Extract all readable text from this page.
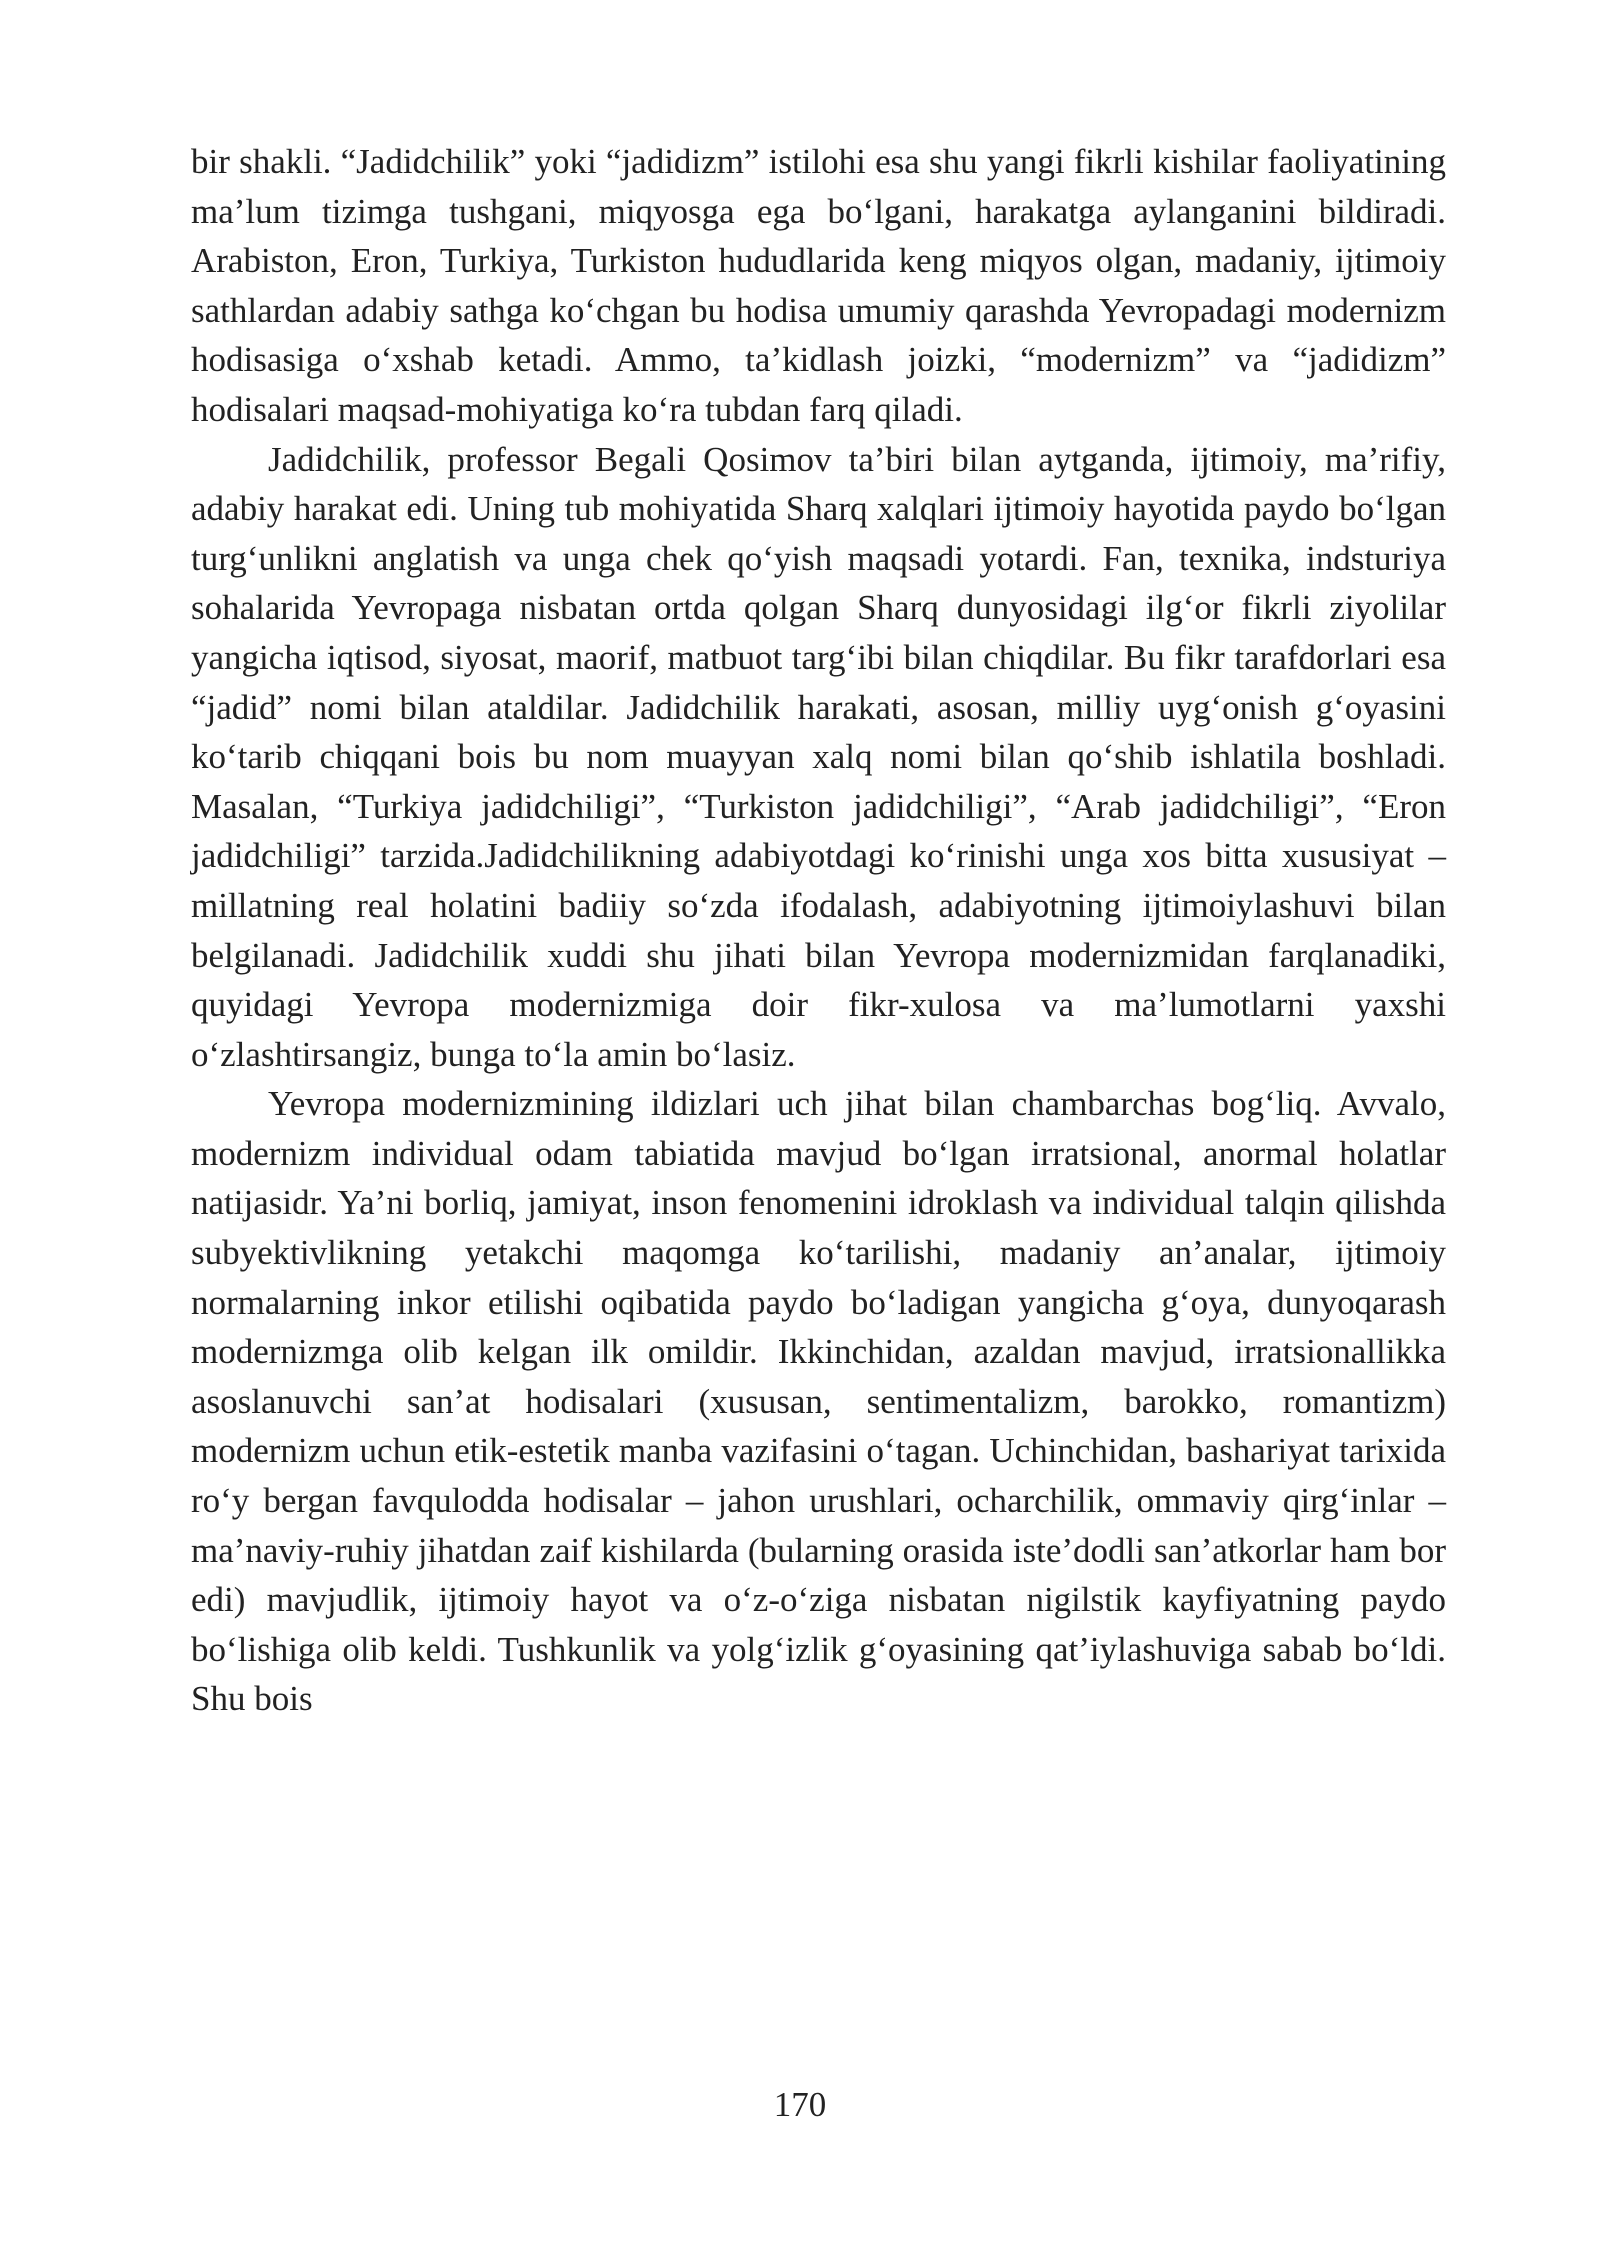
bir shakli. “Jadidchilik” yoki “jadidizm” istilohi esa shu yangi fikrli kishilar faoliyatining ma’lum tizimga tushgani, miqyosga ega bo‘lgani, harakatga aylanganini bildiradi. Arabiston, Eron, Turkiya, Turkiston hududlarida keng miqyos olgan, madaniy, ijtimoiy sathlardan adabiy sathga ko‘chgan bu hodisa umumiy qarashda Yevropadagi modernizm hodisasiga o‘xshab ketadi. Ammo, ta’kidlash joizki, “modernizm” va “jadidizm” hodisalari maqsad-mohiyatiga ko‘ra tubdan farq qiladi.

Jadidchilik, professor Begali Qosimov ta’biri bilan aytganda, ijtimoiy, ma’rifiy, adabiy harakat edi. Uning tub mohiyatida Sharq xalqlari ijtimoiy hayotida paydo bo‘lgan turg‘unlikni anglatish va unga chek qo‘yish maqsadi yotardi. Fan, texnika, indsturiya sohalarida Yevropaga nisbatan ortda qolgan Sharq dunyosidagi ilg‘or fikrli ziyolilar yangicha iqtisod, siyosat, maorif, matbuot targ‘ibi bilan chiqdilar. Bu fikr tarafdorlari esa “jadid” nomi bilan ataldilar. Jadidchilik harakati, asosan, milliy uyg‘onish g‘oyasini ko‘tarib chiqqani bois bu nom muayyan xalq nomi bilan qo‘shib ishlatila boshladi. Masalan, “Turkiya jadidchiligi”, “Turkiston jadidchiligi”, “Arab jadidchiligi”, “Eron jadidchiligi” tarzida.Jadidchilikning adabiyotdagi ko‘rinishi unga xos bitta xususiyat – millatning real holatini badiiy so‘zda ifodalash, adabiyotning ijtimoiylashuvi bilan belgilanadi. Jadidchilik xuddi shu jihati bilan Yevropa modernizmidan farqlanadiki, quyidagi Yevropa modernizmiga doir fikr-xulosa va ma’lumotlarni yaxshi o‘zlashtirsangiz, bunga to‘la amin bo‘lasiz.

Yevropa modernizmining ildizlari uch jihat bilan chambarchas bog‘liq. Avvalo, modernizm individual odam tabiatida mavjud bo‘lgan irratsional, anormal holatlar natijasidr. Ya’ni borliq, jamiyat, inson fenomenini idroklash va individual talqin qilishda subyektivlikning yetakchi maqomga ko‘tarilishi, madaniy an’analar, ijtimoiy normalarning inkor etilishi oqibatida paydo bo‘ladigan yangicha g‘oya, dunyoqarash modernizmga olib kelgan ilk omildir. Ikkinchidan, azaldan mavjud, irratsionallikka asoslanuvchi san’at hodisalari (xususan, sentimentalizm, barokko, romantizm) modernizm uchun etik-estetik manba vazifasini o‘tagan. Uchinchidan, bashariyat tarixida ro‘y bergan favqulodda hodisalar – jahon urushlari, ocharchilik, ommaviy qirg‘inlar – ma’naviy-ruhiy jihatdan zaif kishilarda (bularning orasida iste’dodli san’atkorlar ham bor edi) mavjudlik, ijtimoiy hayot va o‘z-o‘ziga nisbatan nigilstik kayfiyatning paydo bo‘lishiga olib keldi. Tushkunlik va yolg‘izlik g‘oyasining qat’iylashuviga sabab bo‘ldi. Shu bois

170
